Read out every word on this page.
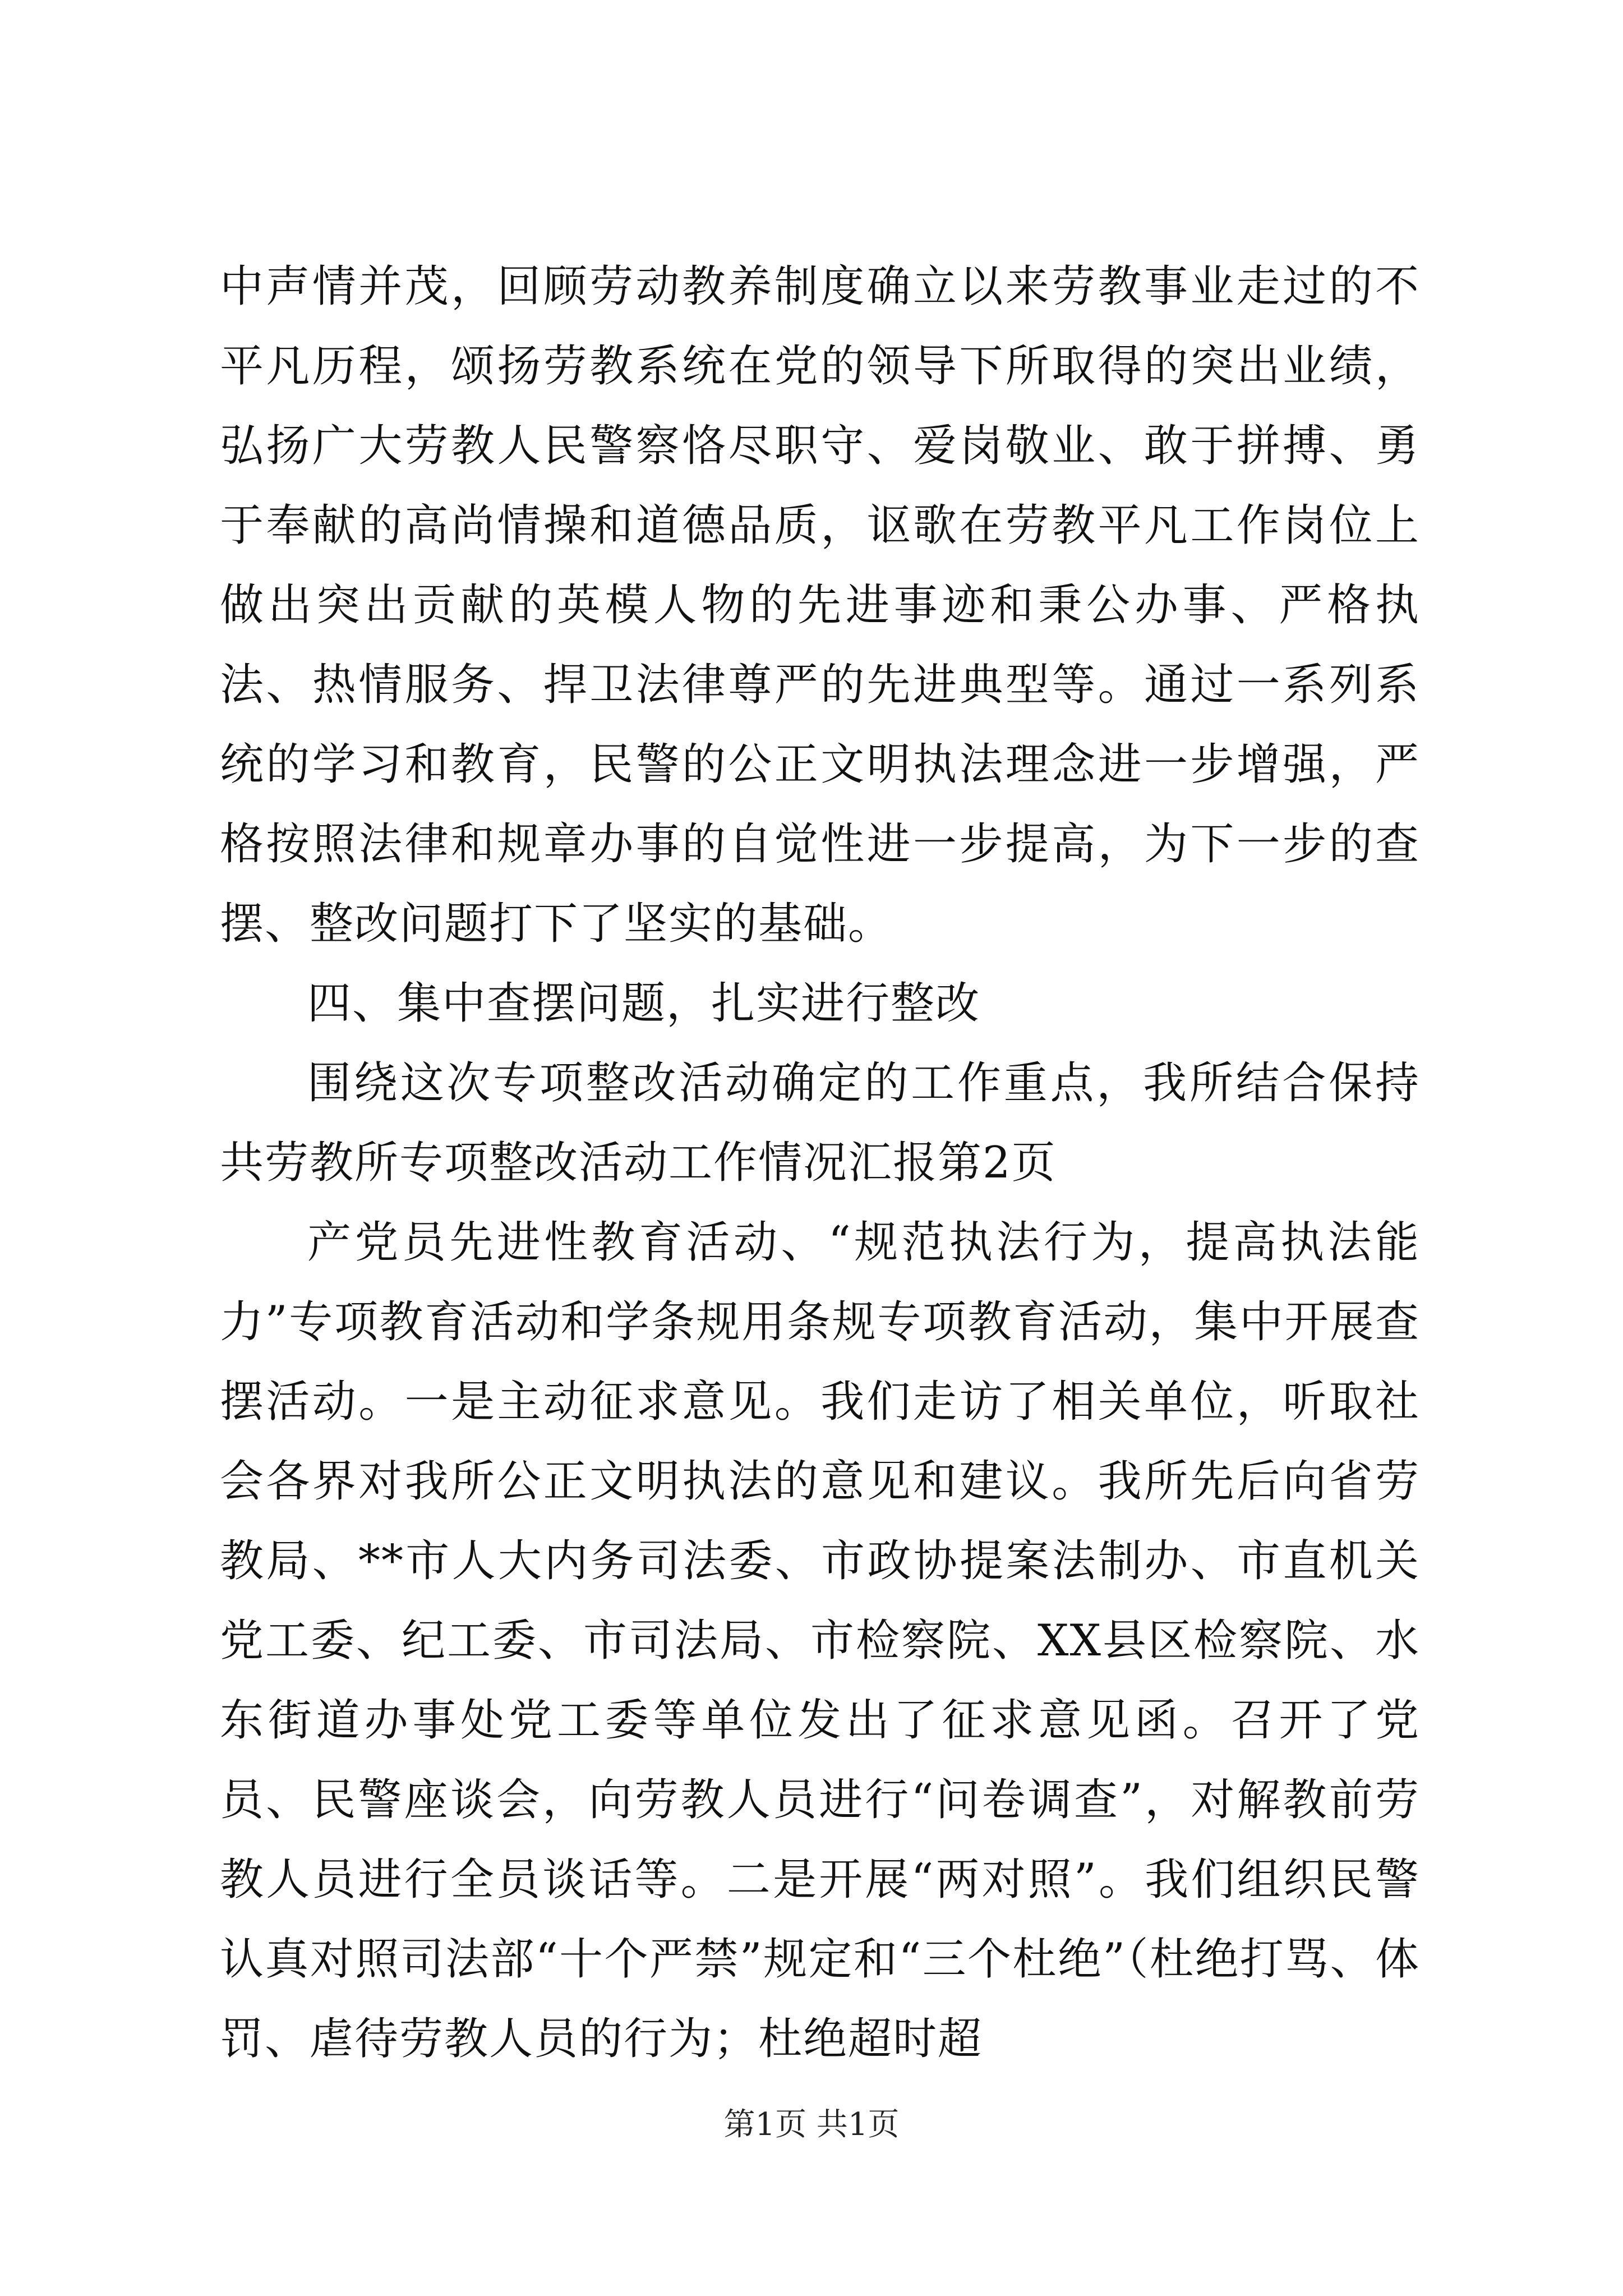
中声情并茂，回顾劳动教养制度确立以来劳教事业走过的不平凡历程，颂扬劳教系统在党的领导下所取得的突出业绩，弘扬广大劳教人民警察恪尽职守、爱岗敬业、敢于拼搏、勇于奉献的高尚情操和道德品质，讴歌在劳教平凡工作岗位上做出突出贡献的英模人物的先进事迹和秉公办事、严格执法、热情服务、捍卫法律尊严的先进典型等。通过一系列系统的学习和教育，民警的公正文明执法理念进一步增强，严格按照法律和规章办事的自觉性进一步提高，为下一步的查摆、整改问题打下了坚实的基础。

四、集中查摆问题，扎实进行整改

围绕这次专项整改活动确定的工作重点，我所结合保持共劳教所专项整改活动工作情况汇报第2页

产党员先进性教育活动、“规范执法行为，提高执法能力”专项教育活动和学条规用条规专项教育活动，集中开展查摆活动。一是主动征求意见。我们走访了相关单位，听取社会各界对我所公正文明执法的意见和建议。我所先后向省劳教局、**市人大内务司法委、市政协提案法制办、市直机关党工委、纪工委、市司法局、市检察院、XX县区检察院、水东街道办事处党工委等单位发出了征求意见函。召开了党员、民警座谈会，向劳教人员进行“问卷调查”，对解教前劳教人员进行全员谈话等。二是开展“两对照”。我们组织民警认真对照司法部“十个严禁”规定和“三个杜绝”（杜绝打骂、体罚、虐待劳教人员的行为；杜绝超时超

第1页 共1页
